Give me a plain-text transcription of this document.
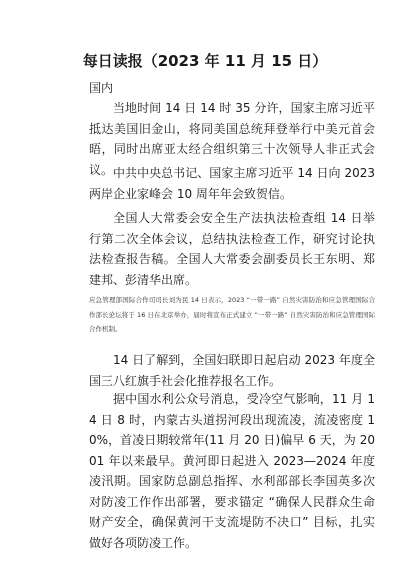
每日读报（2023 年 11 月 15 日）
国内

当地时间 14 日 14 时 35 分许，国家主席习近平抵达美国旧金山，将同美国总统拜登举行中美元首会晤，同时出席亚太经合组织第三十次领导人非正式会议。 中共中央总书记、国家主席习近平 14 日向 2023 两岸企业家峰会 10 周年年会致贺信。

全国人大常委会安全生产法执法检查组 14 日举行第二次全体会议，总结执法检查工作，研究讨论执法检查报告稿。全国人大常委会副委员长王东明、郑建邦、彭清华出席。

应急管理部国际合作司司长刘为民 14 日表示，2023 “一带一路” 自然灾害防治和应急管理国际合作部长论坛将于 16 日在北京举办，届时将宣布正式建立 “一带一路” 自然灾害防治和应急管理国际合作机制。

14 日了解到，全国妇联即日起启动 2023 年度全国三八红旗手社会化推荐报名工作。

据中国水利公众号消息，受冷空气影响，11 月 14 日 8 时，内蒙古头道拐河段出现流凌，流凌密度 10%，首凌日期较常年(11 月 20 日)偏早 6 天，为 2001 年以来最早。黄河即日起进入 2023—2024 年度凌汛期。国家防总副总指挥、水利部部长李国英多次对防凌工作作出部署，要求锚定 “确保人民群众生命财产安全，确保黄河干支流堤防不决口” 目标，扎实做好各项防凌工作。
